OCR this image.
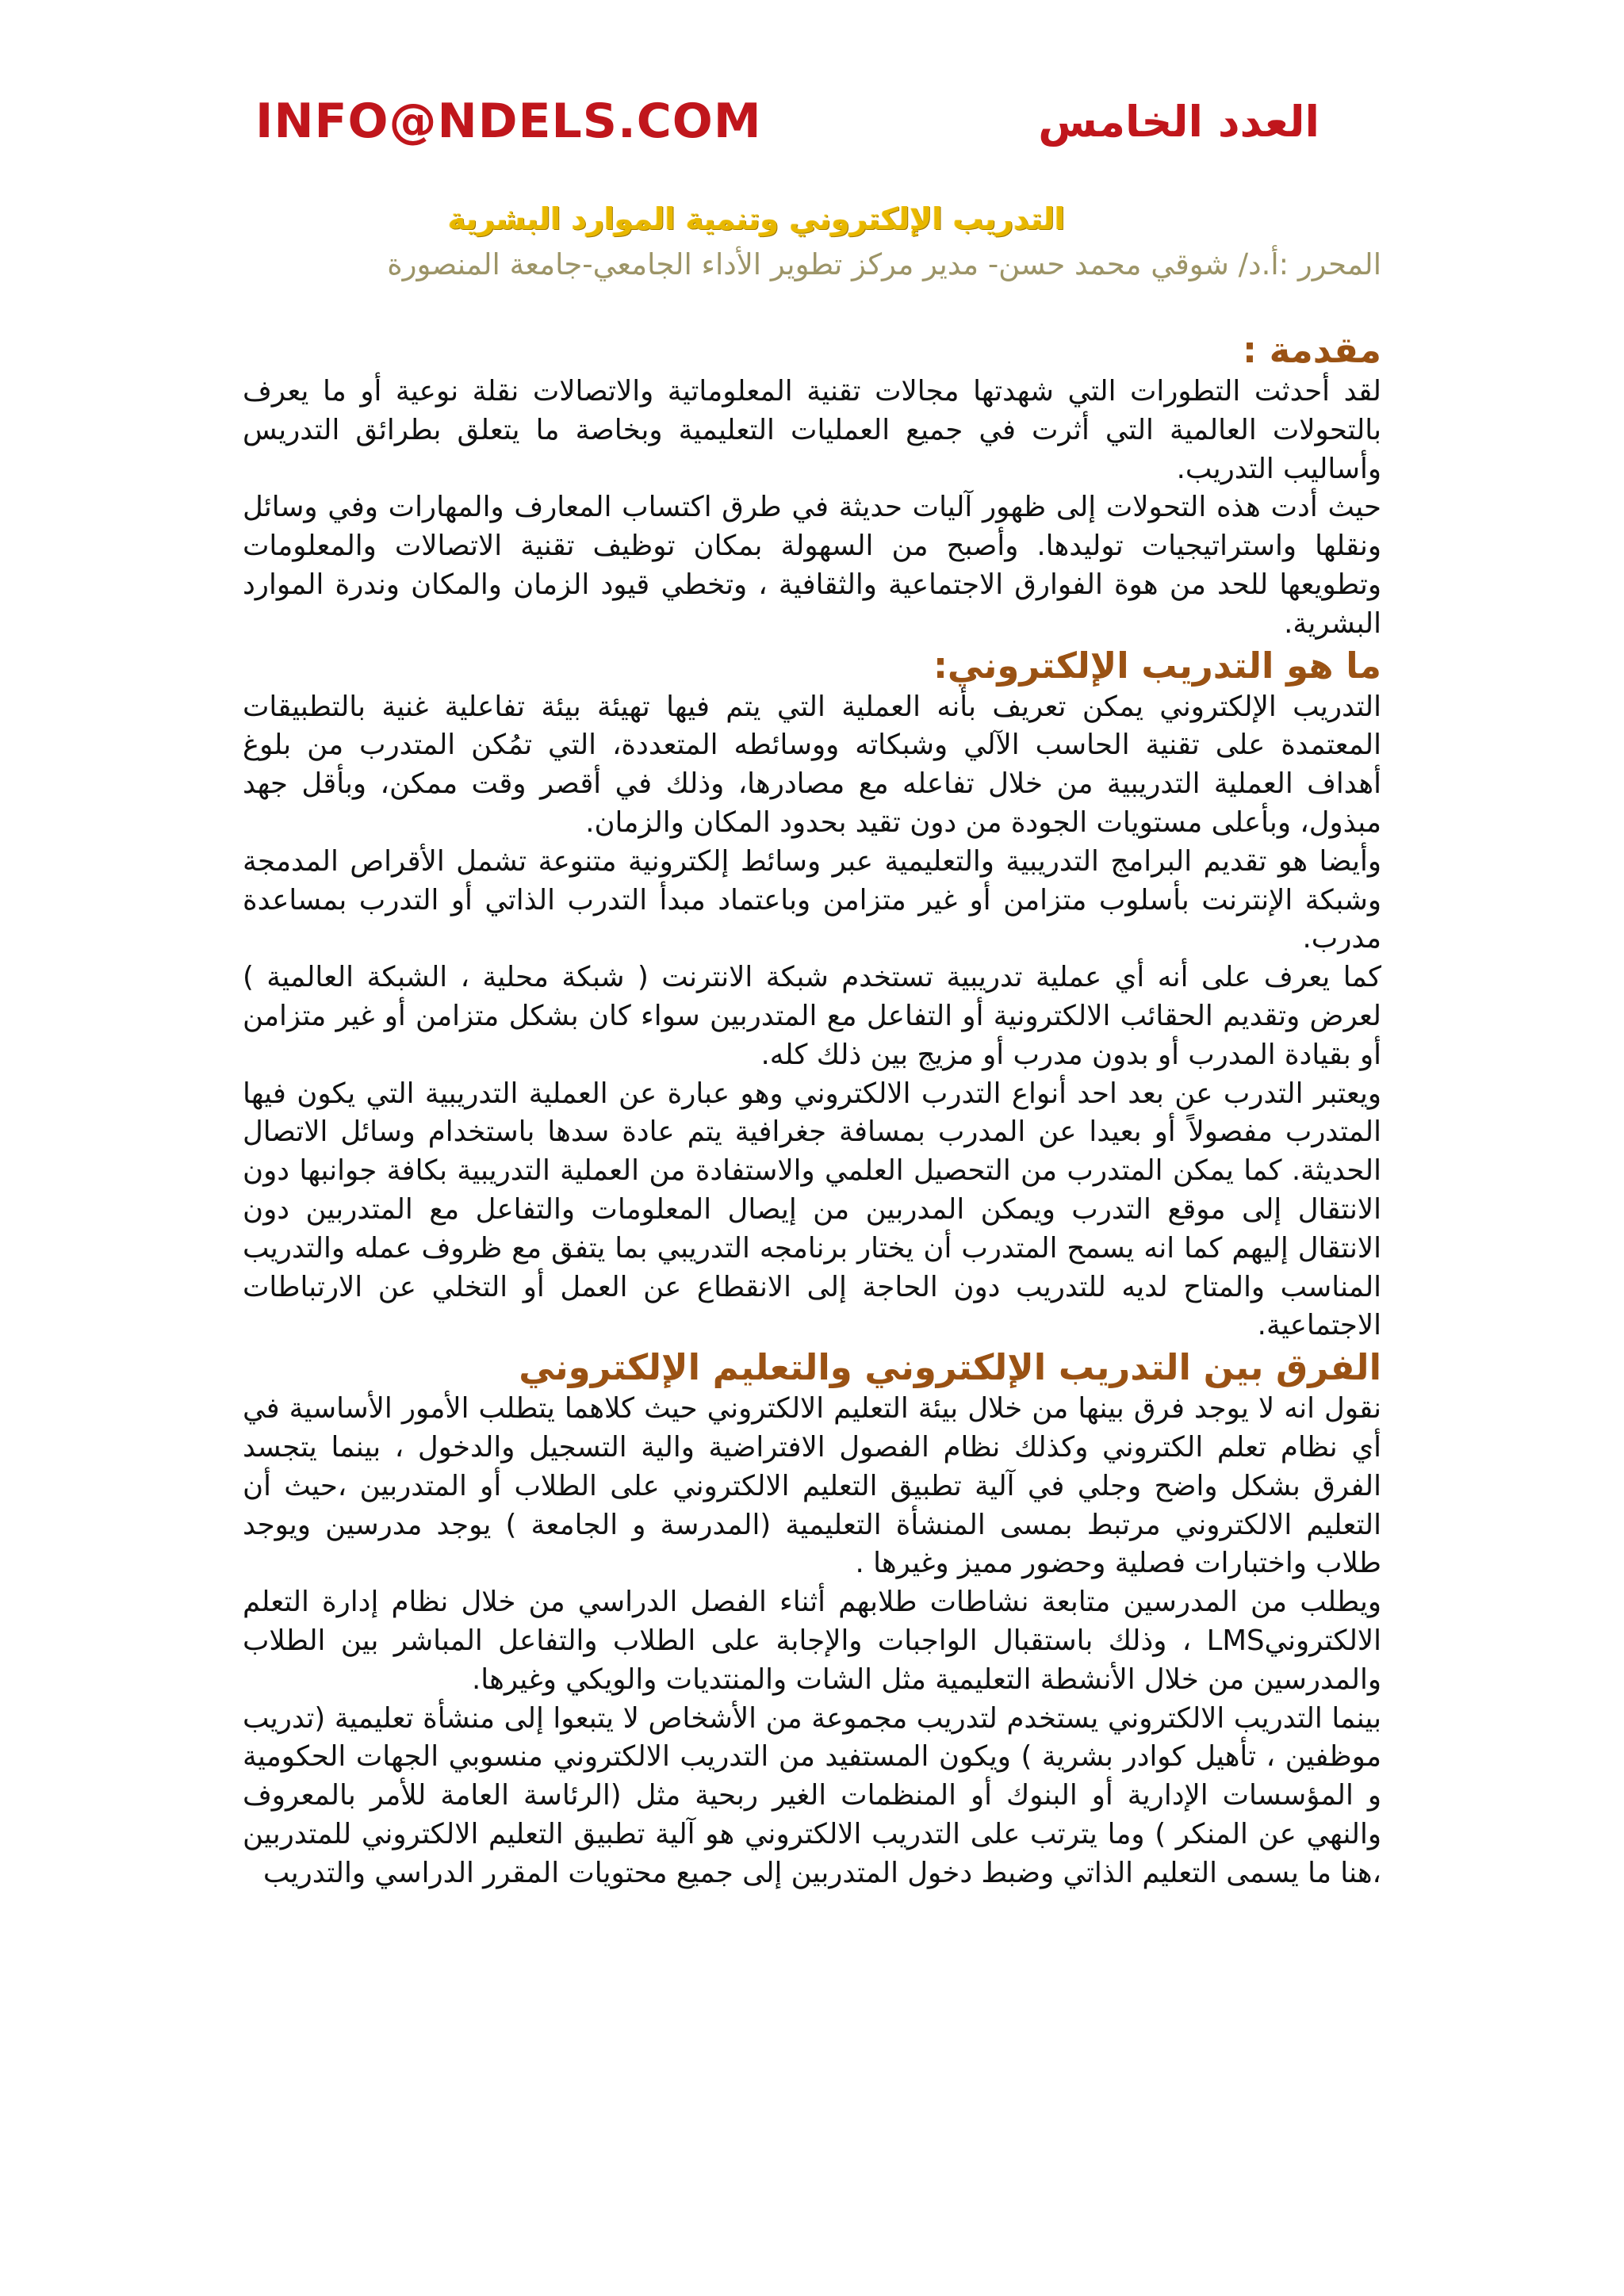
INFO@NDELS.COM	العدد الخامس
التدريب الإلكتروني وتنمية الموارد البشرية
المحرر :أ.د/ شوقي محمد حسن- مدير مركز تطوير الأداء الجامعي-جامعة المنصورة
مقدمة :

لقد أحدثت التطورات التي شهدتها مجالات تقنية المعلوماتية والاتصالات نقلة نوعية أو ما يعرف بالتحولات العالمية التي أثرت في جميع العمليات التعليمية وبخاصة ما يتعلق بطرائق التدريس وأساليب التدريب.

حيث أدت هذه التحولات إلى ظهور آليات حديثة في طرق اكتساب المعارف والمهارات وفي وسائل ونقلها واستراتيجيات توليدها. وأصبح من السهولة بمكان توظيف تقنية الاتصالات والمعلومات وتطويعها للحد من هوة الفوارق الاجتماعية والثقافية ، وتخطي قيود الزمان والمكان وندرة الموارد البشرية.

ما هو التدريب الإلكتروني:

التدريب الإلكتروني يمكن تعريف بأنه العملية التي يتم فيها تهيئة بيئة تفاعلية غنية بالتطبيقات المعتمدة على تقنية الحاسب الآلي وشبكاته ووسائطه المتعددة، التي تمُكن المتدرب من بلوغ أهداف العملية التدريبية من خلال تفاعله مع مصادرها، وذلك في أقصر وقت ممكن، وبأقل جهد مبذول، وبأعلى مستويات الجودة من دون تقيد بحدود المكان والزمان.

وأيضا هو تقديم البرامج التدريبية والتعليمية عبر وسائط إلكترونية متنوعة تشمل الأقراص المدمجة وشبكة الإنترنت بأسلوب متزامن أو غير متزامن وباعتماد مبدأ التدرب الذاتي أو التدرب بمساعدة مدرب.

كما يعرف على أنه أي عملية تدريبية تستخدم شبكة الانترنت ( شبكة محلية ، الشبكة العالمية ) لعرض وتقديم الحقائب الالكترونية أو التفاعل مع المتدربين سواء كان بشكل متزامن أو غير متزامن أو بقيادة المدرب أو بدون مدرب أو مزيج بين ذلك كله.

ويعتبر التدرب عن بعد احد أنواع التدرب الالكتروني وهو عبارة عن العملية التدريبية التي يكون فيها المتدرب مفصولاً أو بعيدا عن المدرب بمسافة جغرافية يتم عادة سدها باستخدام وسائل الاتصال الحديثة. كما يمكن المتدرب من التحصيل العلمي والاستفادة من العملية التدريبية بكافة جوانبها دون الانتقال إلى موقع التدرب ويمكن المدربين من إيصال المعلومات والتفاعل مع المتدربين دون الانتقال إليهم كما انه يسمح المتدرب أن يختار برنامجه التدريبي بما يتفق مع ظروف عمله والتدريب المناسب والمتاح لديه للتدريب دون الحاجة إلى الانقطاع عن العمل أو التخلي عن الارتباطات الاجتماعية.

الفرق بين التدريب الإلكتروني والتعليم الإلكتروني

نقول انه لا يوجد فرق بينها من خلال بيئة التعليم الالكتروني حيث كلاهما يتطلب الأمور الأساسية في أي نظام تعلم الكتروني وكذلك نظام الفصول الافتراضية والية التسجيل والدخول ، بينما يتجسد الفرق بشكل واضح وجلي في آلية تطبيق التعليم الالكتروني على الطلاب أو المتدربين ،حيث أن التعليم الالكتروني مرتبط بمسى المنشأة التعليمية (المدرسة و الجامعة ) يوجد مدرسين ويوجد طلاب واختبارات فصلية وحضور مميز وغيرها .

ويطلب من المدرسين متابعة نشاطات طلابهم أثناء الفصل الدراسي من خلال نظام إدارة التعلم الالكترونيLMS ، وذلك باستقبال الواجبات والإجابة على الطلاب والتفاعل المباشر بين الطلاب والمدرسين من خلال الأنشطة التعليمية مثل الشات والمنتديات والويكي وغيرها.

بينما التدريب الالكتروني يستخدم لتدريب مجموعة من الأشخاص لا يتبعوا إلى منشأة تعليمية (تدريب موظفين ، تأهيل كوادر بشرية ) ويكون المستفيد من التدريب الالكتروني منسوبي الجهات الحكومية و المؤسسات الإدارية أو البنوك أو المنظمات الغير ربحية مثل (الرئاسة العامة للأمر بالمعروف والنهي عن المنكر ) وما يترتب على التدريب الالكتروني هو آلية تطبيق التعليم الالكتروني للمتدربين ،هنا ما يسمى التعليم الذاتي وضبط دخول المتدربين إلى جميع محتويات المقرر الدراسي والتدريب
